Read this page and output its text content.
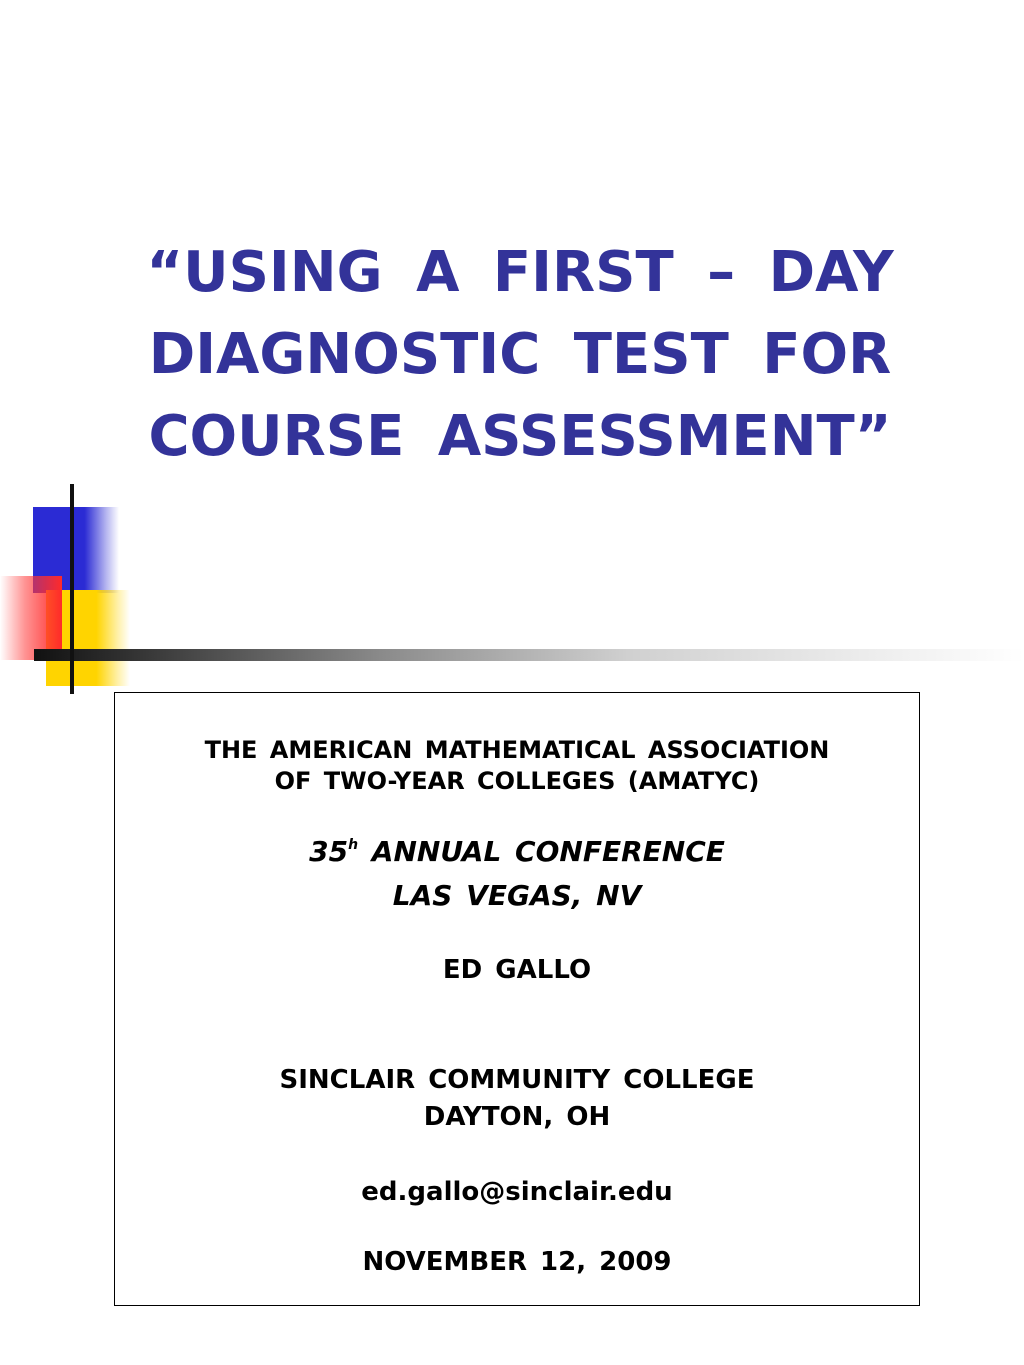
“USING A FIRST – DAY
DIAGNOSTIC TEST FOR
COURSE ASSESSMENT”
THE AMERICAN MATHEMATICAL ASSOCIATION
OF TWO-YEAR COLLEGES (AMATYC)
35$^h$ ANNUAL CONFERENCE
LAS VEGAS, NV
ED GALLO
SINCLAIR COMMUNITY COLLEGE
DAYTON, OH
ed.gallo@sinclair.edu
NOVEMBER 12, 2009
